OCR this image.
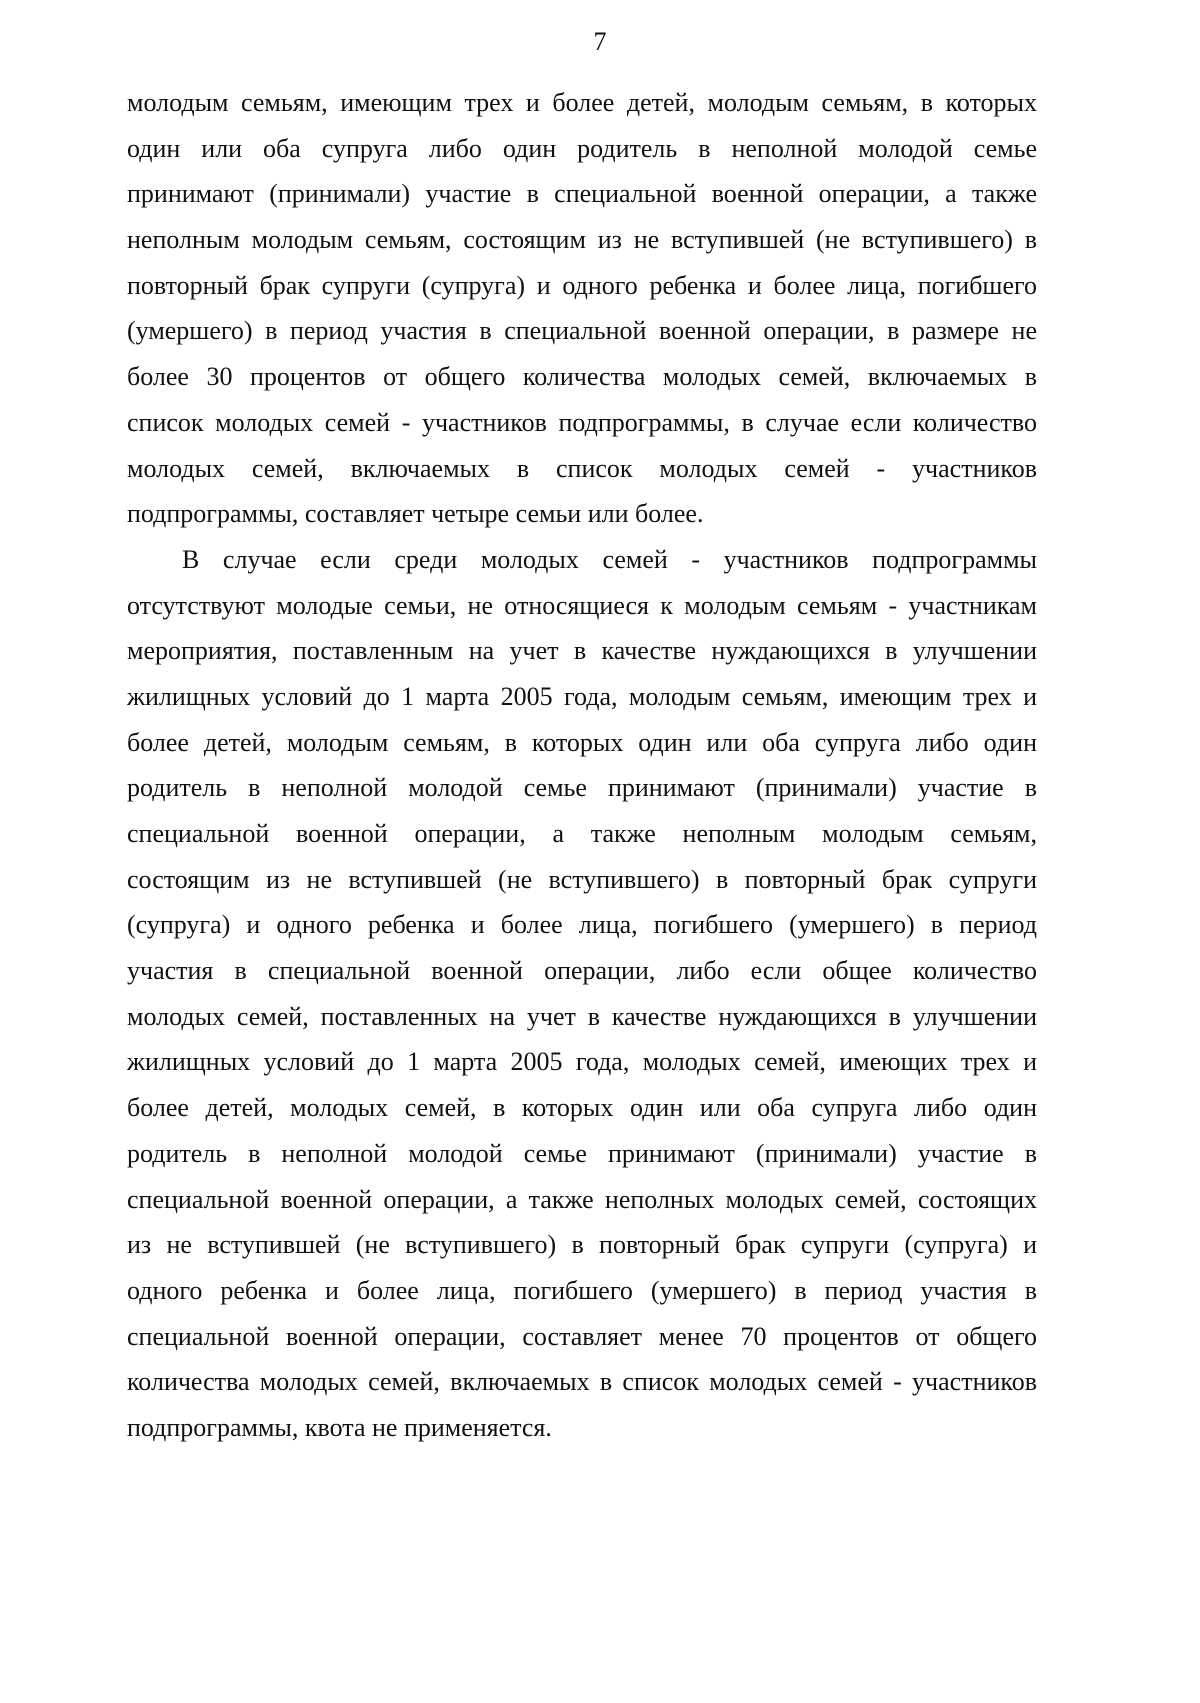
7
молодым семьям, имеющим трех и более детей, молодым семьям, в которых
один или оба супруга либо один родитель в неполной молодой семье
принимают (принимали) участие в специальной военной операции, а также
неполным молодым семьям, состоящим из не вступившей (не вступившего) в
повторный брак супруги (супруга) и одного ребенка и более лица, погибшего
(умершего) в период участия в специальной военной операции, в размере не
более 30 процентов от общего количества молодых семей, включаемых в
список молодых семей - участников подпрограммы, в случае если количество
молодых семей, включаемых в список молодых семей - участников
подпрограммы, составляет четыре семьи или более.
В случае если среди молодых семей - участников подпрограммы
отсутствуют молодые семьи, не относящиеся к молодым семьям - участникам
мероприятия, поставленным на учет в качестве нуждающихся в улучшении
жилищных условий до 1 марта 2005 года, молодым семьям, имеющим трех и
более детей, молодым семьям, в которых один или оба супруга либо один
родитель в неполной молодой семье принимают (принимали) участие в
специальной военной операции, а также неполным молодым семьям,
состоящим из не вступившей (не вступившего) в повторный брак супруги
(супруга) и одного ребенка и более лица, погибшего (умершего) в период
участия в специальной военной операции, либо если общее количество
молодых семей, поставленных на учет в качестве нуждающихся в улучшении
жилищных условий до 1 марта 2005 года, молодых семей, имеющих трех и
более детей, молодых семей, в которых один или оба супруга либо один
родитель в неполной молодой семье принимают (принимали) участие в
специальной военной операции, а также неполных молодых семей, состоящих
из не вступившей (не вступившего) в повторный брак супруги (супруга) и
одного ребенка и более лица, погибшего (умершего) в период участия в
специальной военной операции, составляет менее 70 процентов от общего
количества молодых семей, включаемых в список молодых семей - участников
подпрограммы, квота не применяется.
